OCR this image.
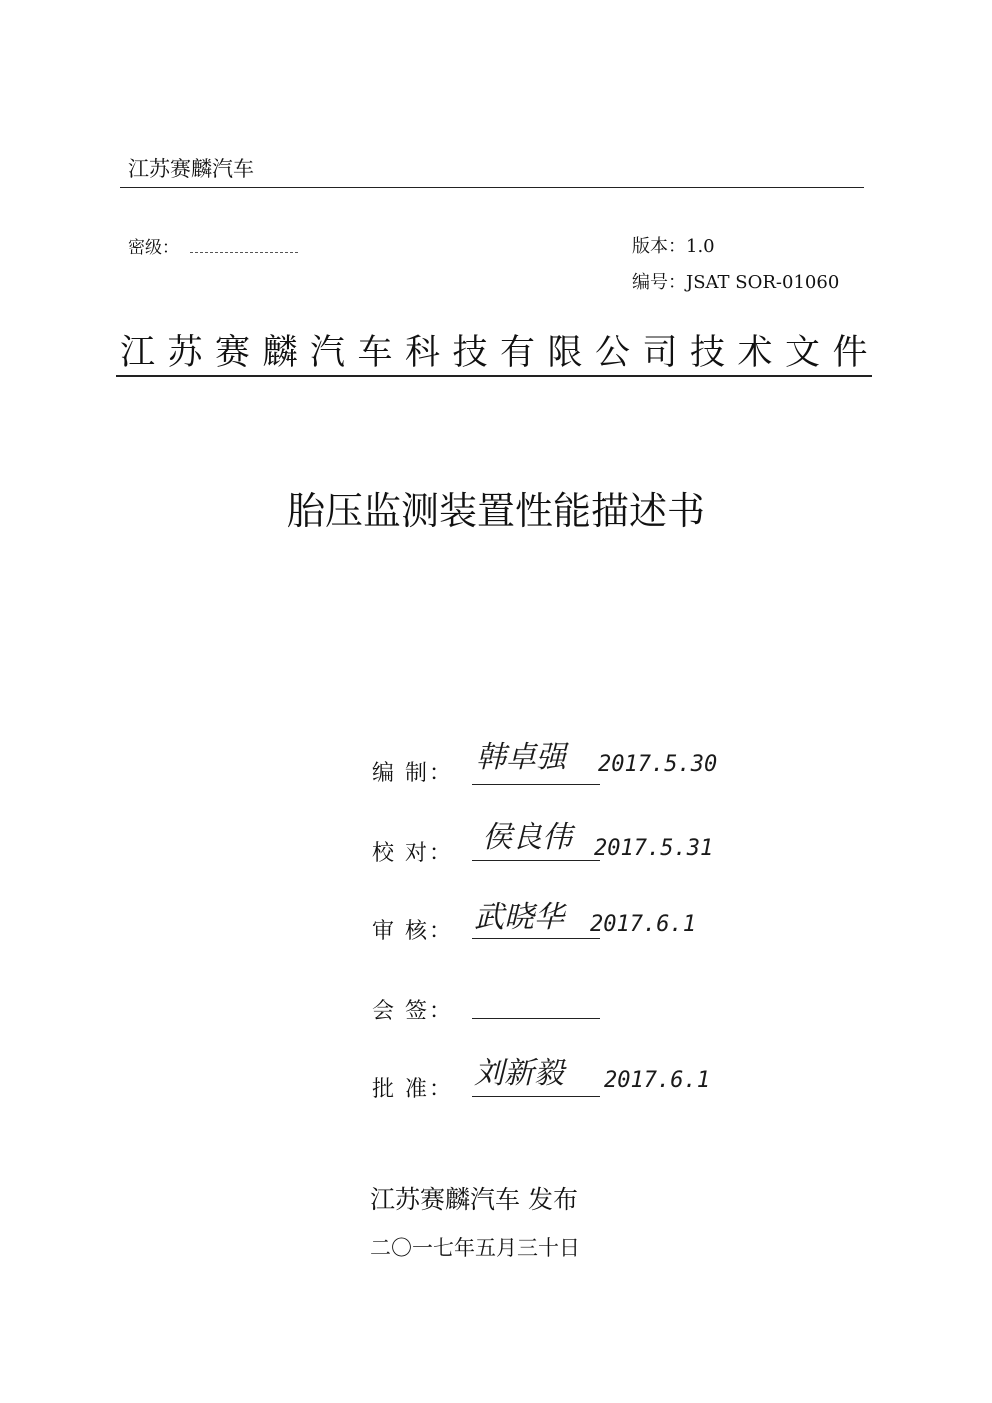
江苏赛麟汽车
密级：	版本：1.0
编号：JSAT SOR-01060
江苏赛麟汽车科技有限公司技术文件
胎压监测装置性能描述书
编 制： 韩卓强 2017.5.30
校 对： 侯良伟 2017.5.31
审 核： 武晓华 2017.6.1
会 签：
批 准： 刘新毅 2017.6.1
江苏赛麟汽车 发布
二〇一七年五月三十日
